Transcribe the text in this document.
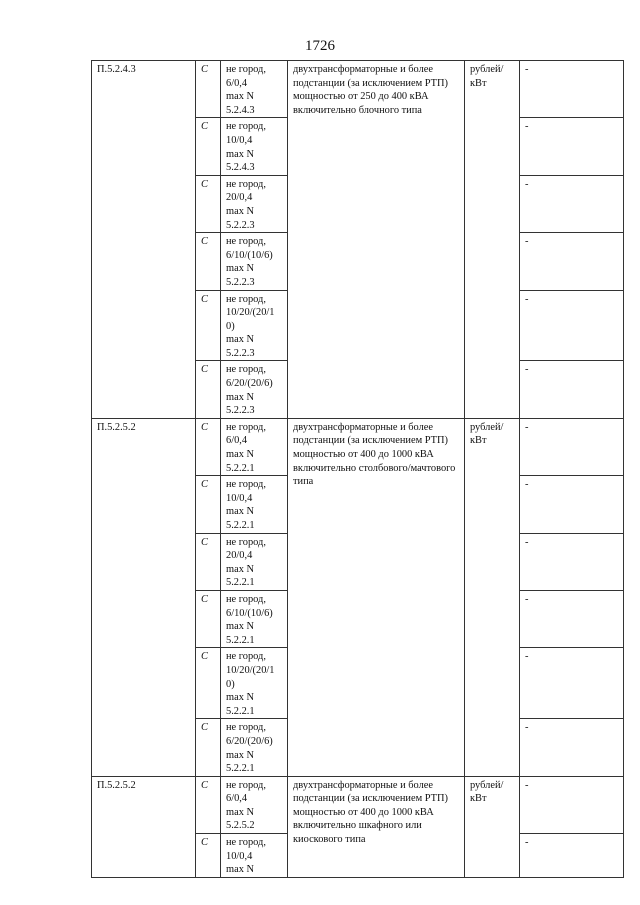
1726
П.5.2.4.3	С	не город,
6/0,4
max N
5.2.4.3	двухтрансформаторные и более подстанции (за исключением РТП) мощностью от 250 до 400 кВА включительно блочного типа	рублей/ кВт	-
	С	не город,
10/0,4
max N
5.2.4.3			-
	С	не город,
20/0,4
max N
5.2.2.3			-
	С	не город,
6/10/(10/6)
max N
5.2.2.3			-
	С	не город,
10/20/(20/1
0)
max N
5.2.2.3			-
	С	не город,
6/20/(20/6)
max N
5.2.2.3			-
П.5.2.5.2	С	не город,
6/0,4
max N
5.2.2.1	двухтрансформаторные и более подстанции (за исключением РТП) мощностью от 400 до 1000 кВА включительно столбового/мачтового типа	рублей/ кВт	-
	С	не город,
10/0,4
max N
5.2.2.1			-
	С	не город,
20/0,4
max N
5.2.2.1			-
	С	не город,
6/10/(10/6)
max N
5.2.2.1			-
	С	не город,
10/20/(20/1
0)
max N
5.2.2.1			-
	С	не город,
6/20/(20/6)
max N
5.2.2.1			-
П.5.2.5.2	С	не город,
6/0,4
max N
5.2.5.2	двухтрансформаторные и более подстанции (за исключением РТП) мощностью от 400 до 1000 кВА включительно шкафного или киоскового типа	рублей/ кВт	-
	С	не город,
10/0,4
max N			-
